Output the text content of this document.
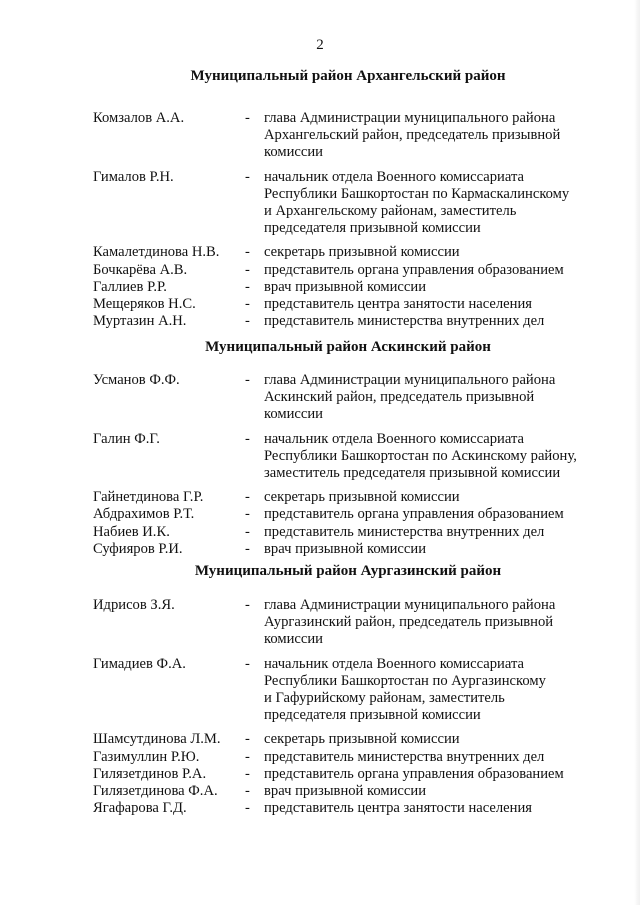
2
Муниципальный район Архангельский район
Комзалов А.А.	- глава Администрации муниципального района
Архангельский район, председатель призывной
комиссии
Гималов Р.Н.	- начальник отдела Военного комиссариата
Республики Башкортостан по Кармаскалинскому
и Архангельскому районам, заместитель
председателя призывной комиссии
Камалетдинова Н.В.	- секретарь призывной комиссии
Бочкарёва А.В.	- представитель органа управления образованием
Галлиев Р.Р.	- врач призывной комиссии
Мещеряков Н.С.	- представитель центра занятости населения
Муртазин А.Н.	- представитель министерства внутренних дел
Муниципальный район Аскинский район
Усманов Ф.Ф.	- глава Администрации муниципального района
Аскинский район, председатель призывной
комиссии
Галин Ф.Г.	- начальник отдела Военного комиссариата
Республики Башкортостан по Аскинскому району,
заместитель председателя призывной комиссии
Гайнетдинова Г.Р.	- секретарь призывной комиссии
Абдрахимов Р.Т.	- представитель органа управления образованием
Набиев И.К.	- представитель министерства внутренних дел
Суфияров Р.И.	- врач призывной комиссии
Муниципальный район Аургазинский район
Идрисов З.Я.	- глава Администрации муниципального района
Аургазинский район, председатель призывной
комиссии
Гимадиев Ф.А.	- начальник отдела Военного комиссариата
Республики Башкортостан по Аургазинскому
и Гафурийскому районам, заместитель
председателя призывной комиссии
Шамсутдинова Л.М.	- секретарь призывной комиссии
Газимуллин Р.Ю.	- представитель министерства внутренних дел
Гилязетдинов Р.А.	- представитель органа управления образованием
Гилязетдинова Ф.А.	- врач призывной комиссии
Ягафарова Г.Д.	- представитель центра занятости населения
